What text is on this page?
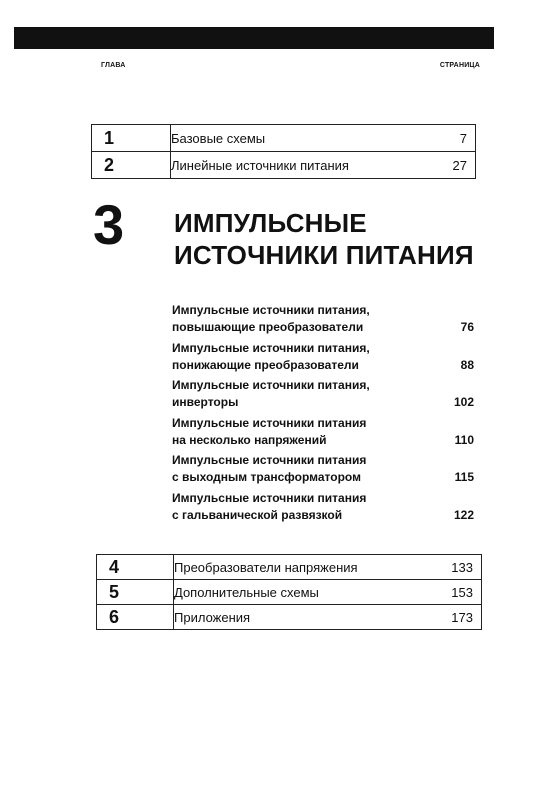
ГЛАВА	СТРАНИЦА
1	Базовые схемы	7
2	Линейные источники питания	27
3 ИМПУЛЬСНЫЕ
ИСТОЧНИКИ ПИТАНИЯ
Импульсные источники питания,
повышающие преобразователи	76
Импульсные источники питания,
понижающие преобразователи	88
Импульсные источники питания,
инверторы	102
Импульсные источники питания
на несколько напряжений	110
Импульсные источники питания
с выходным трансформатором	115
Импульсные источники питания
с гальванической развязкой	122
4	Преобразователи напряжения	133
5	Дополнительные схемы	153
6	Приложения	173
